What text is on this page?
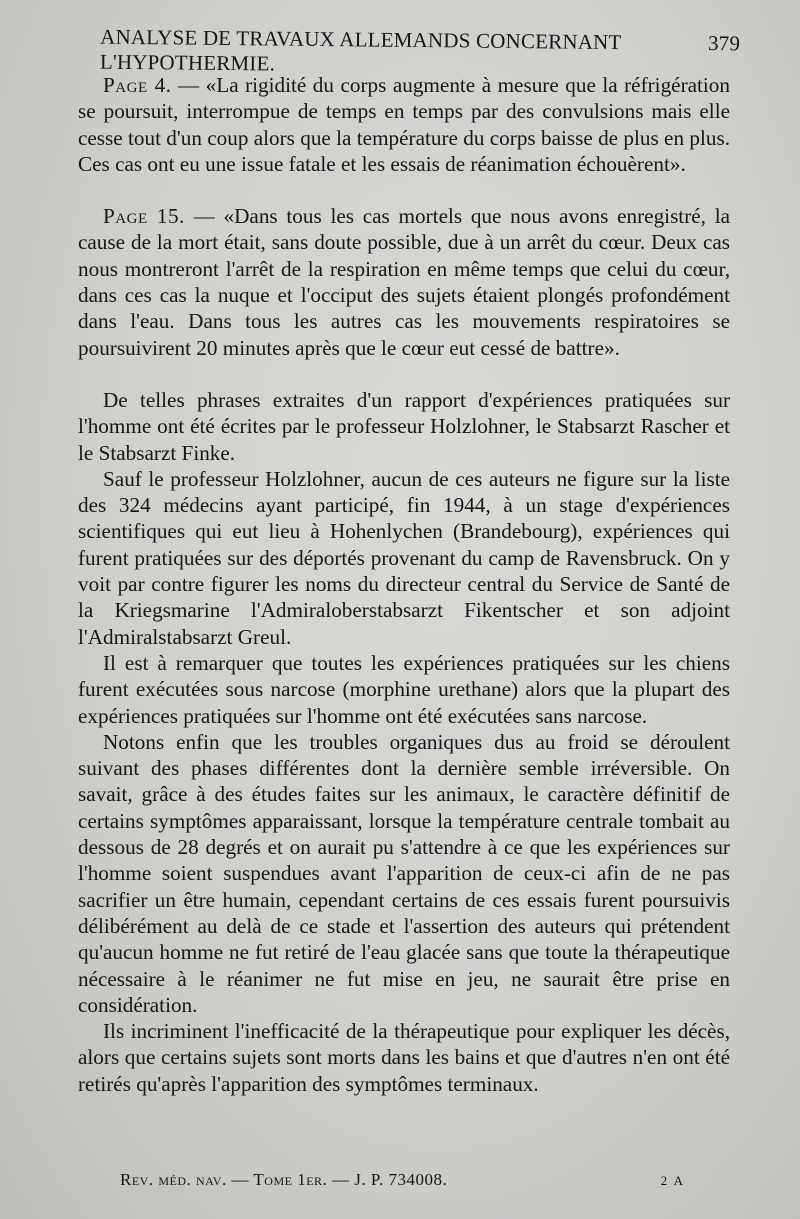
ANALYSE DE TRAVAUX ALLEMANDS CONCERNANT L'HYPOTHERMIE.
379

Page 4. — «La rigidité du corps augmente à mesure que la réfrigération se poursuit, interrompue de temps en temps par des convulsions mais elle cesse tout d'un coup alors que la température du corps baisse de plus en plus. Ces cas ont eu une issue fatale et les essais de réanimation échouèrent».

Page 15. — «Dans tous les cas mortels que nous avons enregistré, la cause de la mort était, sans doute possible, due à un arrêt du cœur. Deux cas nous montreront l'arrêt de la respiration en même temps que celui du cœur, dans ces cas la nuque et l'occiput des sujets étaient plongés profondément dans l'eau. Dans tous les autres cas les mouvements respiratoires se poursuivirent 20 minutes après que le cœur eut cessé de battre».

De telles phrases extraites d'un rapport d'expériences pratiquées sur l'homme ont été écrites par le professeur Holzlohner, le Stabsarzt Rascher et le Stabsarzt Finke.

Sauf le professeur Holzlohner, aucun de ces auteurs ne figure sur la liste des 324 médecins ayant participé, fin 1944, à un stage d'expériences scientifiques qui eut lieu à Hohenlychen (Brandebourg), expériences qui furent pratiquées sur des déportés provenant du camp de Ravensbruck. On y voit par contre figurer les noms du directeur central du Service de Santé de la Kriegsmarine l'Admiraloberstabsarzt Fikentscher et son adjoint l'Admiralstabsarzt Greul.

Il est à remarquer que toutes les expériences pratiquées sur les chiens furent exécutées sous narcose (morphine urethane) alors que la plupart des expériences pratiquées sur l'homme ont été exécutées sans narcose.

Notons enfin que les troubles organiques dus au froid se déroulent suivant des phases différentes dont la dernière semble irréversible. On savait, grâce à des études faites sur les animaux, le caractère définitif de certains symptômes apparaissant, lorsque la température centrale tombait au dessous de 28 degrés et on aurait pu s'attendre à ce que les expériences sur l'homme soient suspendues avant l'apparition de ceux-ci afin de ne pas sacrifier un être humain, cependant certains de ces essais furent poursuivis délibérément au delà de ce stade et l'assertion des auteurs qui prétendent qu'aucun homme ne fut retiré de l'eau glacée sans que toute la thérapeutique nécessaire à le réanimer ne fut mise en jeu, ne saurait être prise en considération.

Ils incriminent l'inefficacité de la thérapeutique pour expliquer les décès, alors que certains sujets sont morts dans les bains et que d'autres n'en ont été retirés qu'après l'apparition des symptômes terminaux.

Rev. méd. nav. — Tome 1er. — J. P. 734008.	2 A
